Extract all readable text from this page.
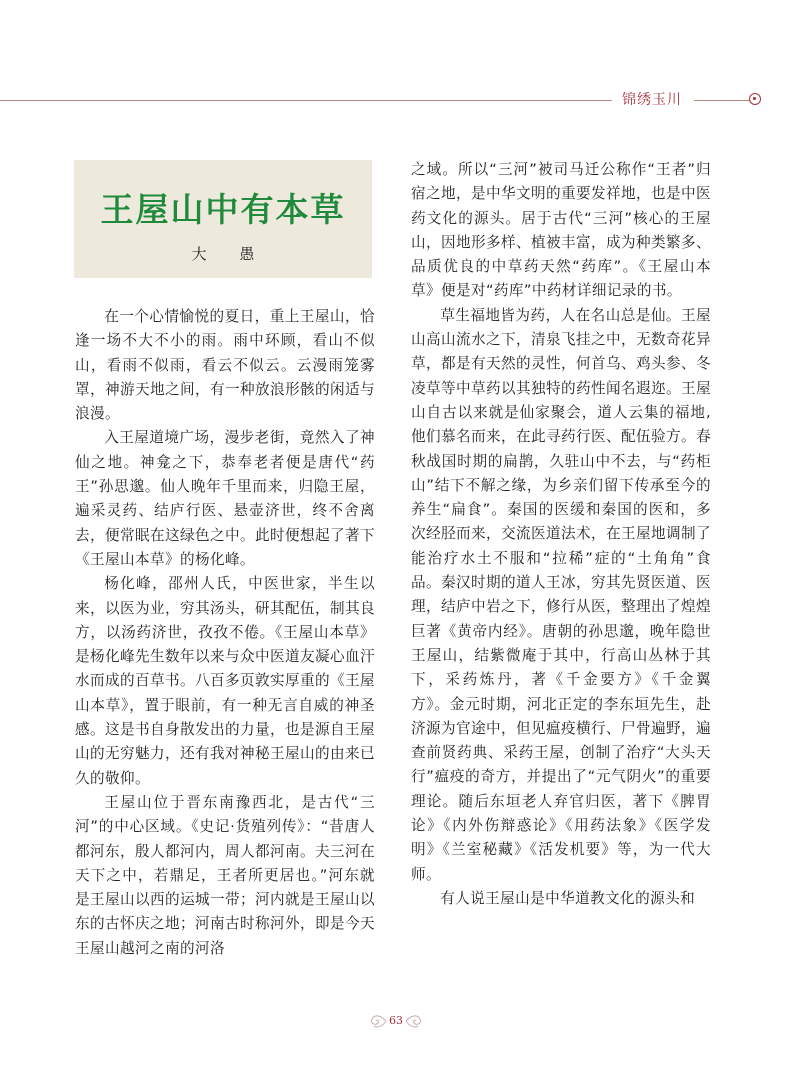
锦绣玉川
王屋山中有本草
大 愚

在一个心情愉悦的夏日，重上王屋山，恰逢一场不大不小的雨。雨中环顾，看山不似山，看雨不似雨，看云不似云。云漫雨笼雾罩，神游天地之间，有一种放浪形骸的闲适与浪漫。

入王屋道境广场，漫步老街，竟然入了神仙之地。神龛之下，恭奉老者便是唐代“药王”孙思邈。仙人晚年千里而来，归隐王屋，遍采灵药、结庐行医、悬壶济世，终不舍离去，便常眠在这绿色之中。此时便想起了著下《王屋山本草》的杨化峰。

杨化峰，邵州人氏，中医世家，半生以来，以医为业，穷其汤头，研其配伍，制其良方，以汤药济世，孜孜不倦。《王屋山本草》是杨化峰先生数年以来与众中医道友凝心血汗水而成的百草书。八百多页敦实厚重的《王屋山本草》，置于眼前，有一种无言自威的神圣感。这是书自身散发出的力量，也是源自王屋山的无穷魅力，还有我对神秘王屋山的由来已久的敬仰。

王屋山位于晋东南豫西北，是古代“三河”的中心区域。《史记·货殖列传》：“昔唐人都河东，殷人都河内，周人都河南。夫三河在天下之中，若鼎足，王者所更居也。”河东就是王屋山以西的运城一带；河内就是王屋山以东的古怀庆之地；河南古时称河外，即是今天王屋山越河之南的河洛

之域。所以“三河”被司马迁公称作“王者”归宿之地，是中华文明的重要发祥地，也是中医药文化的源头。居于古代“三河”核心的王屋山，因地形多样、植被丰富，成为种类繁多、品质优良的中草药天然“药库”。《王屋山本草》便是对“药库”中药材详细记录的书。

草生福地皆为药，人在名山总是仙。王屋山高山流水之下，清泉飞挂之中，无数奇花异草，都是有天然的灵性，何首乌、鸡头参、冬凌草等中草药以其独特的药性闻名遐迩。王屋山自古以来就是仙家聚会，道人云集的福地,他们慕名而来，在此寻药行医、配伍验方。春秋战国时期的扁鹊，久驻山中不去，与“药柜山”结下不解之缘，为乡亲们留下传承至今的养生“扁食”。秦国的医缓和秦国的医和，多次经胫而来，交流医道法术，在王屋地调制了能治疗水土不服和“拉稀”症的“土角角”食品。秦汉时期的道人王冰，穷其先贤医道、医理，结庐中岩之下，修行从医，整理出了煌煌巨著《黄帝内经》。唐朝的孙思邈，晚年隐世王屋山，结紫微庵于其中，行高山丛林于其下，采药炼丹，著《千金要方》《千金翼方》。金元时期，河北正定的李东垣先生，赴济源为官途中，但见瘟疫横行、尸骨遍野，遍查前贤药典、采药王屋，创制了治疗“大头天行”瘟疫的奇方，并提出了“元气阴火”的重要理论。随后东垣老人弃官归医，著下《脾胃论》《内外伤辩惑论》《用药法象》《医学发明》《兰室秘藏》《活发机要》等，为一代大师。

有人说王屋山是中华道教文化的源头和

63
